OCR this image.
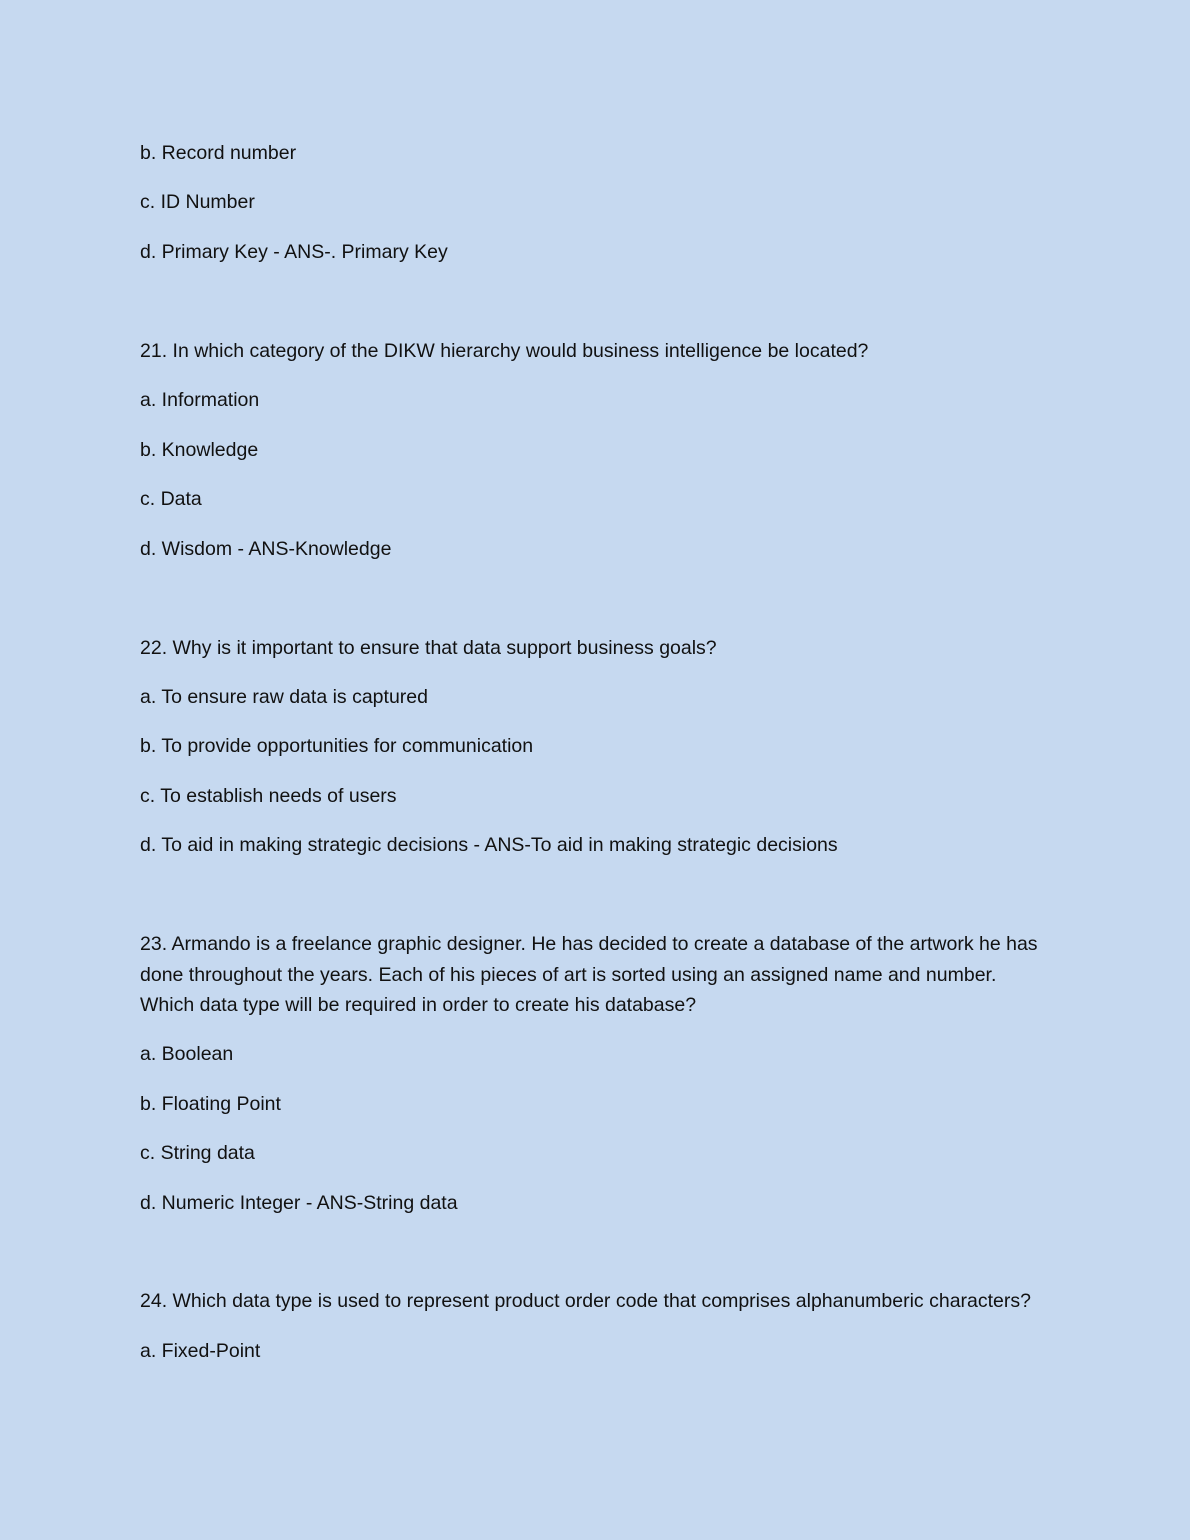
b. Record number
c. ID Number
d. Primary Key - ANS-. Primary Key
21. In which category of the DIKW hierarchy would business intelligence be located?
a. Information
b. Knowledge
c. Data
d. Wisdom - ANS-Knowledge
22. Why is it important to ensure that data support business goals?
a. To ensure raw data is captured
b. To provide opportunities for communication
c. To establish needs of users
d. To aid in making strategic decisions - ANS-To aid in making strategic decisions
23. Armando is a freelance graphic designer. He has decided to create a database of the artwork he has done throughout the years. Each of his pieces of art is sorted using an assigned name and number. Which data type will be required in order to create his database?
a. Boolean
b. Floating Point
c. String data
d. Numeric Integer - ANS-String data
24. Which data type is used to represent product order code that comprises alphanumberic characters?
a. Fixed-Point
